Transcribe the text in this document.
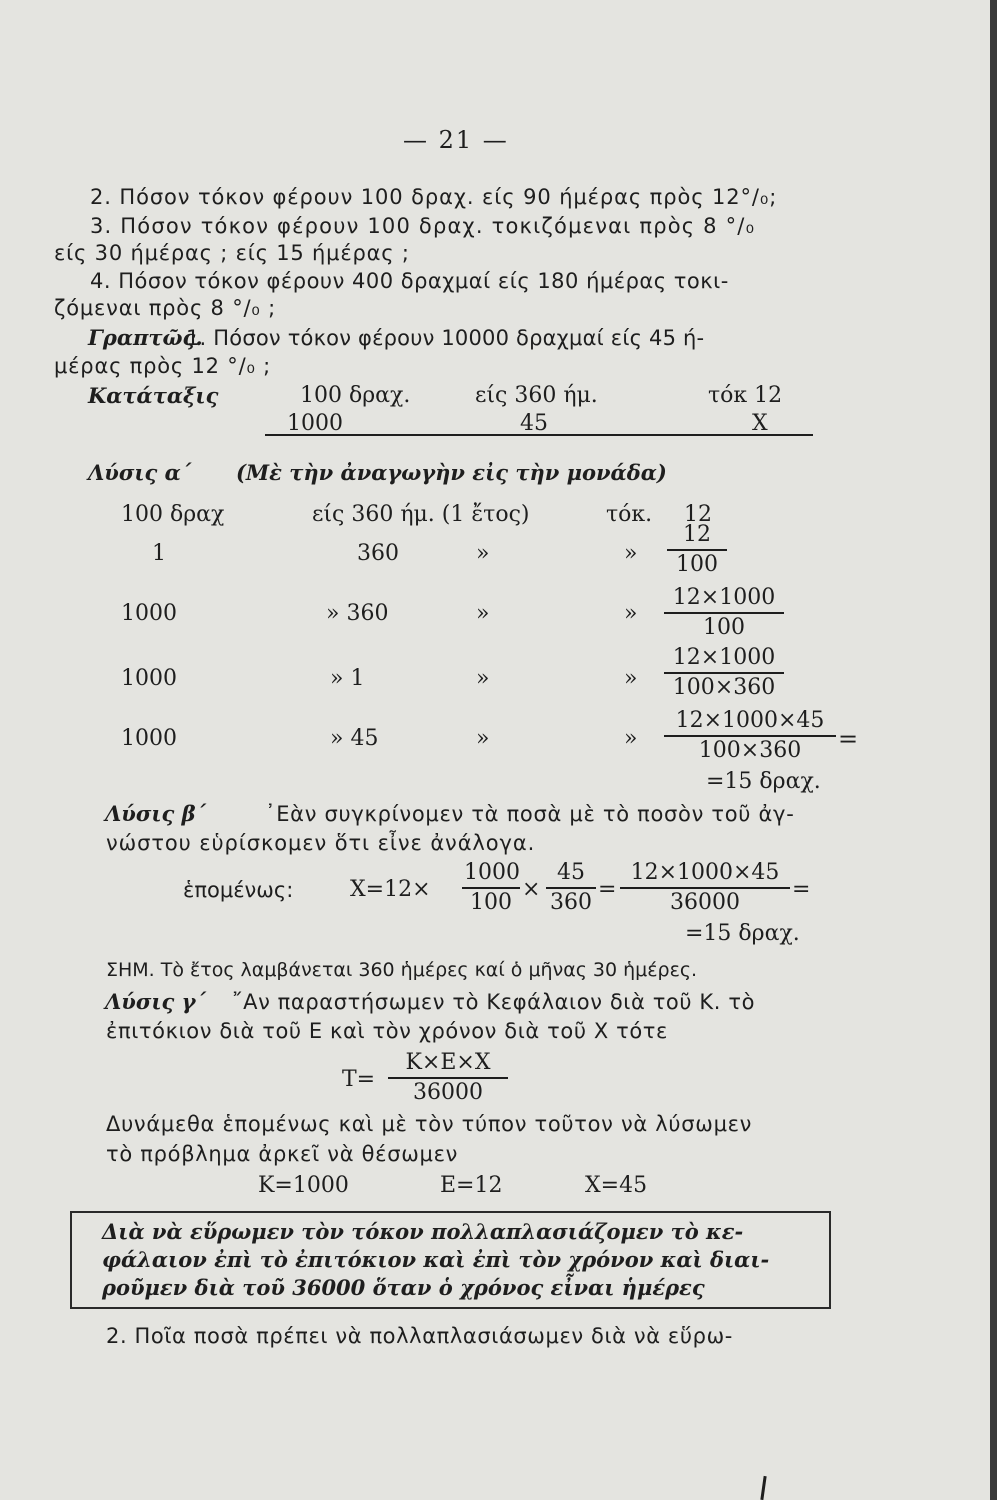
— 21 —
2. Πόσον τόκον φέρουν 100 δραχ. είς 90 ήμέρας πρòς 12°/₀;
3. Πόσον τόκον φέρουν 100 δραχ. τοκιζόμεναι πρòς 8 °/₀
είς 30 ήμέρας ; είς 15 ήμέρας ;
4. Πόσον τόκον φέρουν 400 δραχμαί είς 180 ήμέρας τοκι-
ζόμεναι πρòς 8 °/₀ ;
Γραπτῶς.
1. Πόσον τόκον φέρουν 10000 δραχμαί είς 45 ή-
μέρας πρòς 12 °/₀ ;
Κατάταξις	100 δραχ.	είς 360 ήμ.	τόκ 12
1000	45	X
Λύσις α΄ (Μὲ τὴν ἀναγωγὴν εἰς τὴν μονάδα)
100 δραχ	είς 360 ήμ. (1 ἔτος)	τόκ. 12
1	360	»	» $\frac{12}{100}$
1000	» 360	»	» $\frac{12\times 1000}{100}$
1000	» 1	»	» $\frac{12\times 1000}{100\times 360}$
1000	» 45	»	» $\frac{12\times 1000\times 45}{100\times 360}$ =
=15 δραχ.
Λύσις β΄	᾿Εὰν συγκρίνομεν τὰ ποσὰ μὲ τὸ ποσὸν τοῦ ἀγ-
νώστου εὑρίσκομεν ὅτι εἶνε ἀνάλογα.
ἑπομένως:	$X=12\times \frac{1000}{100} \times \frac{45}{360} = \frac{12\times 1000\times 45}{36000}$ =
=15 δραχ.
ΣΗΜ. Τὸ ἔτος λαμβάνεται 360 ἡμέρες καί ὁ μῆνας 30 ἡμέρες.
Λύσις γ΄ ῎Αν παραστήσωμεν τὸ Κεφάλαιον διὰ τοῦ Κ. τὸ
ἐπιτόκιον διὰ τοῦ Ε καὶ τὸν χρόνον διὰ τοῦ Χ τότε
$T= \frac{K\times E\times X}{36000}$
Δυνάμεθα ἑπομένως καὶ μὲ τὸν τύπον τοῦτον νὰ λύσωμεν
τὸ πρόβλημα ἀρκεῖ νὰ θέσωμεν
K=1000	E=12	X=45
Διὰ νὰ εὕρωμεν τὸν τόκον πολλαπλασιάζομεν τὸ κε-
φάλαιον ἐπὶ τὸ ἐπιτόκιον καὶ ἐπὶ τὸν χρόνον καὶ διαι-
ροῦμεν διὰ τοῦ 36000 ὅταν ὁ χρόνος εἶναι ἡμέρες
2. Ποῖα ποσὰ πρέπει νὰ πολλαπλασιάσωμεν διὰ νὰ εὕρω-
